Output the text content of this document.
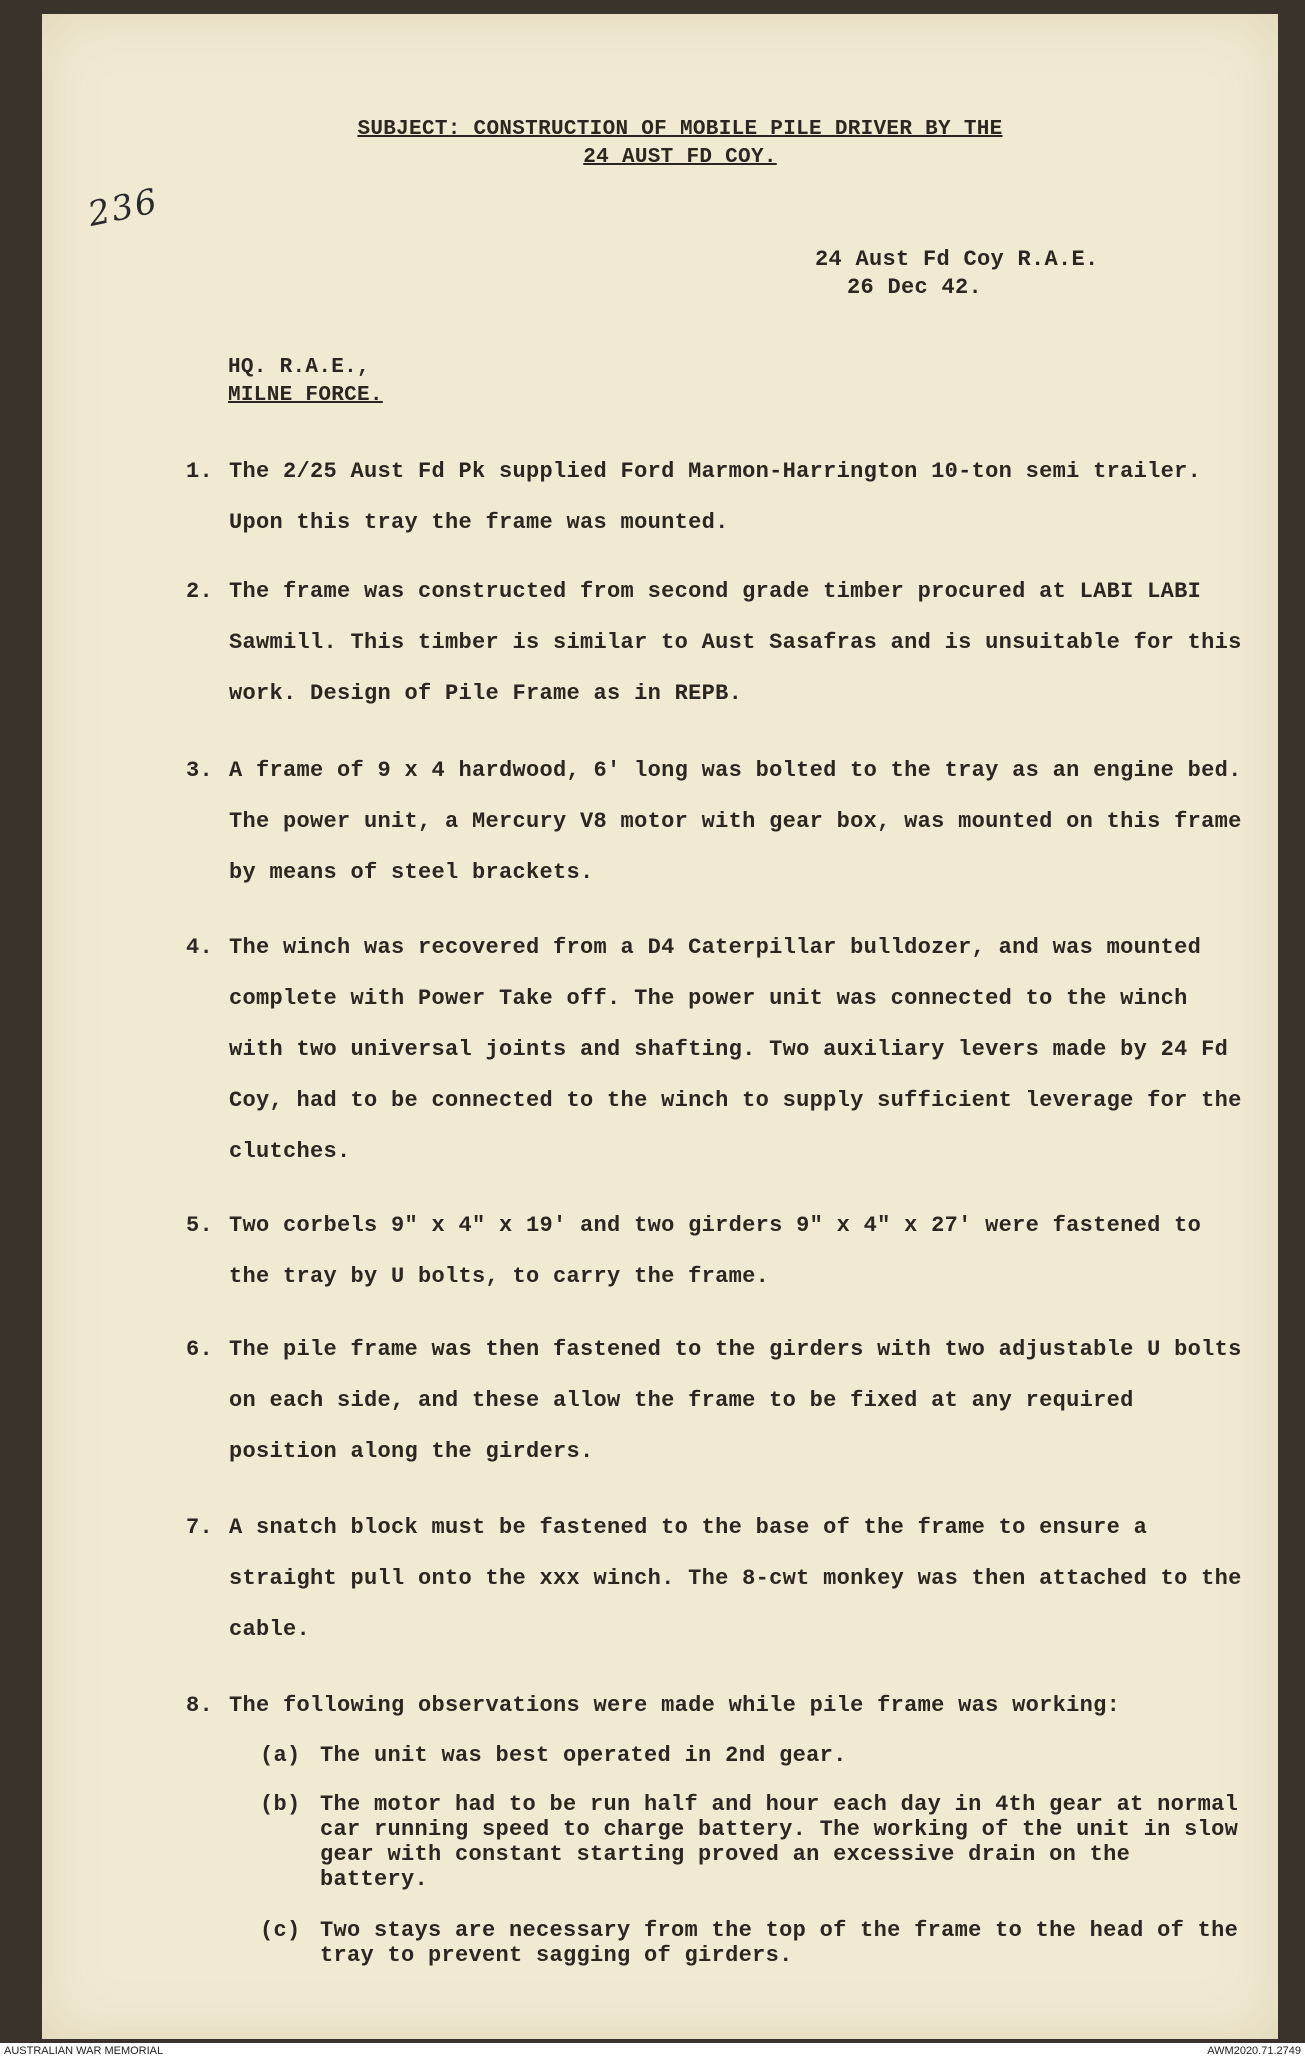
SUBJECT: CONSTRUCTION OF MOBILE PILE DRIVER BY THE
24 AUST FD COY.
236
24 Aust Fd Coy R.A.E.
26 Dec 42.
HQ. R.A.E.,
MILNE FORCE.
1. The 2/25 Aust Fd Pk supplied Ford Marmon-Harrington 10-ton semi trailer. Upon this tray the frame was mounted.
2. The frame was constructed from second grade timber procured at LABI LABI Sawmill. This timber is similar to Aust Sasafras and is unsuitable for this work. Design of Pile Frame as in REPB.
3. A frame of 9 x 4 hardwood, 6' long was bolted to the tray as an engine bed. The power unit, a Mercury V8 motor with gear box, was mounted on this frame by means of steel brackets.
4. The winch was recovered from a D4 Caterpillar bulldozer, and was mounted complete with Power Take off. The power unit was connected to the winch with two universal joints and shafting. Two auxiliary levers made by 24 Fd Coy, had to be connected to the winch to supply sufficient leverage for the clutches.
5. Two corbels 9" x 4" x 19' and two girders 9" x 4" x 27' were fastened to the tray by U bolts, to carry the frame.
6. The pile frame was then fastened to the girders with two adjustable U bolts on each side, and these allow the frame to be fixed at any required position along the girders.
7. A snatch block must be fastened to the base of the frame to ensure a straight pull onto the xxx winch. The 8-cwt monkey was then attached to the cable.
8. The following observations were made while pile frame was working:
(a) The unit was best operated in 2nd gear.
(b) The motor had to be run half and hour each day in 4th gear at normal car running speed to charge battery. The working of the unit in slow gear with constant starting proved an excessive drain on the battery.
(c) Two stays are necessary from the top of the frame to the head of the tray to prevent sagging of girders.
AUSTRALIAN WAR MEMORIAL	AWM2020.71.2749
